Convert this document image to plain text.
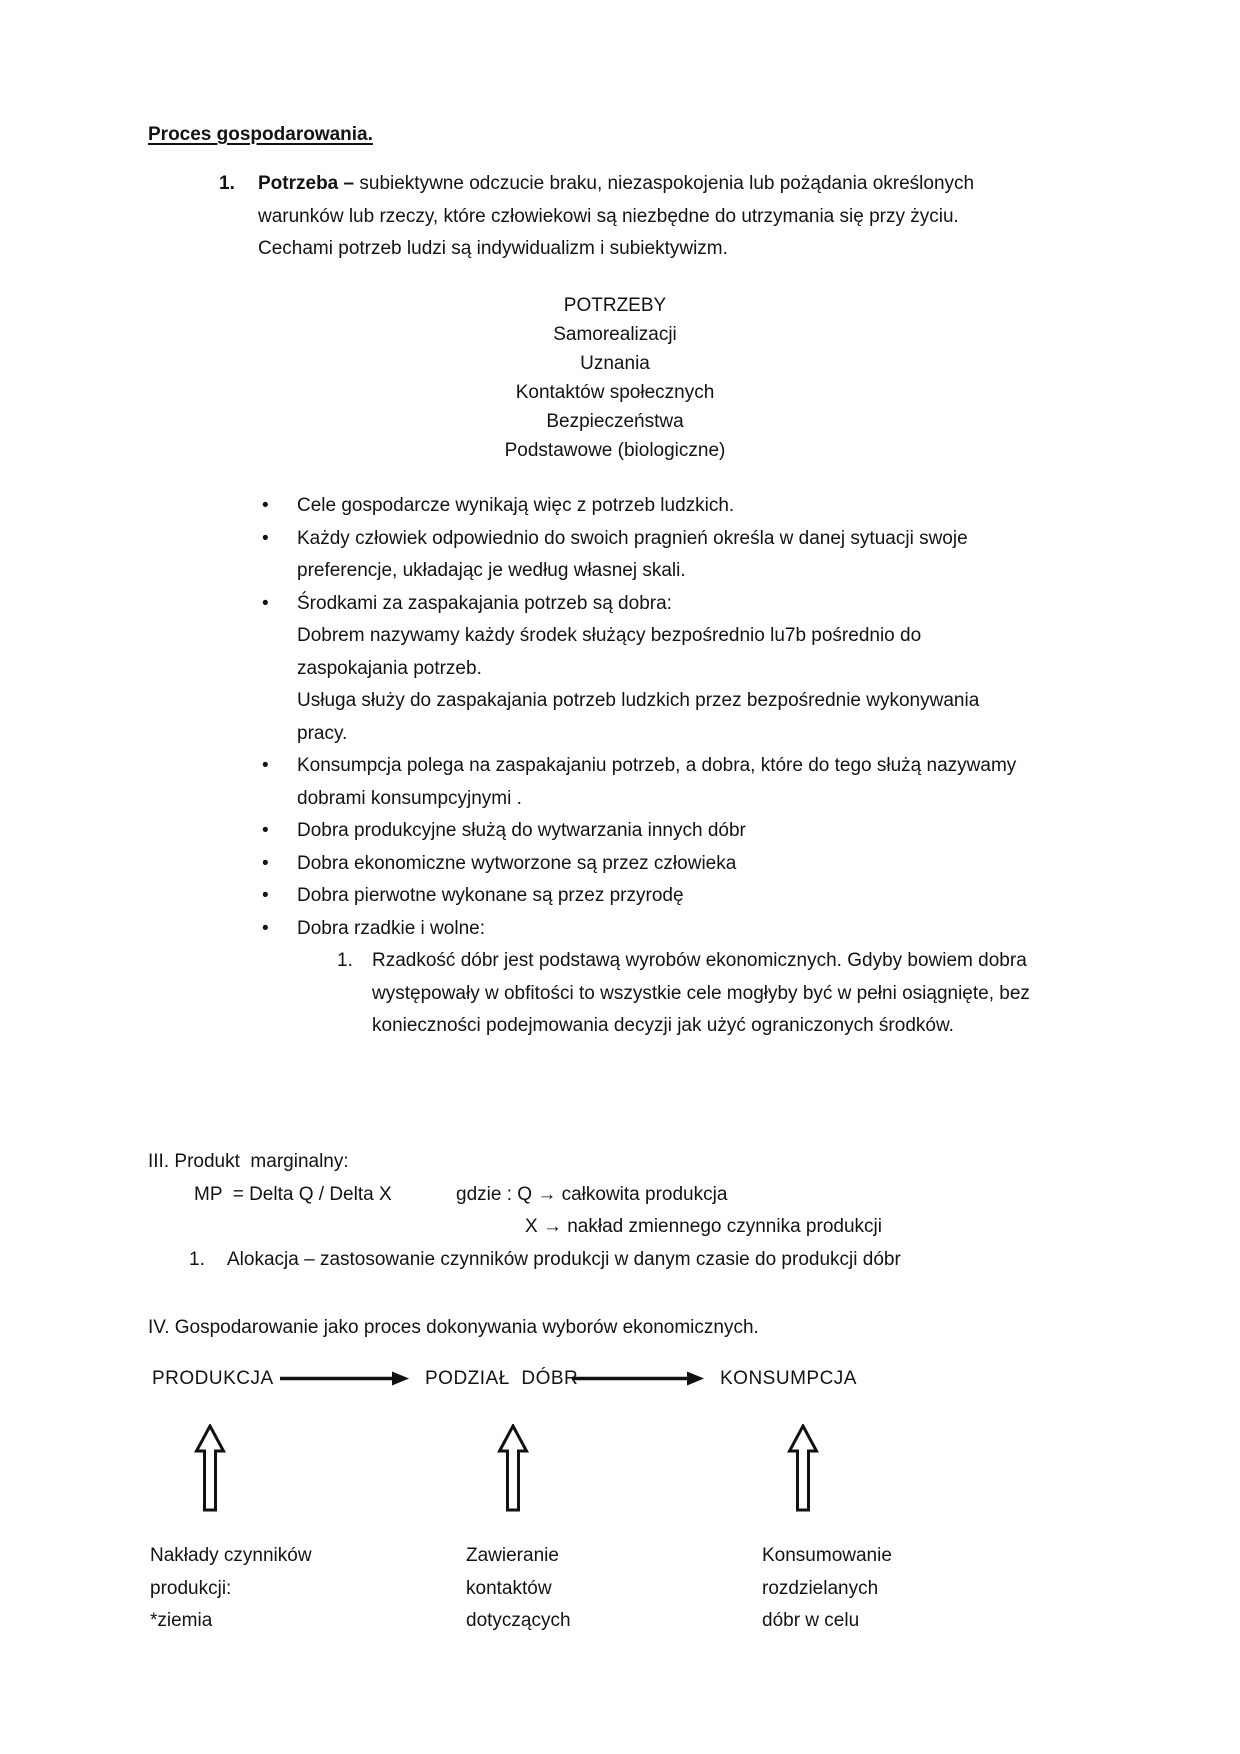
Proces gospodarowania.
1.	Potrzeba – subiektywne odczucie braku, niezaspokojenia lub pożądania określonych warunków lub rzeczy, które człowiekowi są niezbędne do utrzymania się przy życiu. Cechami potrzeb ludzi są indywidualizm i subiektywizm.
POTRZEBY
Samorealizacji
Uznania
Kontaktów społecznych
Bezpieczeństwa
Podstawowe (biologiczne)
•	Cele gospodarcze wynikają więc z potrzeb ludzkich.

•	Każdy człowiek odpowiednio do swoich pragnień określa w danej sytuacji swoje preferencje, układając je według własnej skali.

•	Środkami za zaspakajania potrzeb są dobra:

Dobrem nazywamy każdy środek służący bezpośrednio lu7b pośrednio do zaspokajania potrzeb.

Usługa służy do zaspakajania potrzeb ludzkich przez bezpośrednie wykonywania pracy.

•	Konsumpcja polega na zaspakajaniu potrzeb, a dobra, które do tego służą nazywamy dobrami konsumpcyjnymi .

•	Dobra produkcyjne służą do wytwarzania innych dóbr

•	Dobra ekonomiczne wytworzone są przez człowieka

•	Dobra pierwotne wykonane są przez przyrodę

•	Dobra rzadkie i wolne:

1.	Rzadkość dóbr jest podstawą wyrobów ekonomicznych. Gdyby bowiem dobra występowały w obfitości to wszystkie cele mogłyby być w pełni osiągnięte, bez konieczności podejmowania decyzji jak użyć ograniczonych środków.
III. Produkt  marginalny:
MP  = Delta Q / Delta X	gdzie : Q → całkowita produkcja
X → nakład zmiennego czynnika produkcji
1.	Alokacja – zastosowanie czynników produkcji w danym czasie do produkcji dóbr
IV. Gospodarowanie jako proces dokonywania wyborów ekonomicznych.
PRODUKCJA	PODZIAŁ  DÓBR	KONSUMPCJA
Nakłady czynników
produkcji:
*ziemia
Zawieranie
kontaktów
dotyczących
Konsumowanie
rozdzielanych
dóbr w celu
